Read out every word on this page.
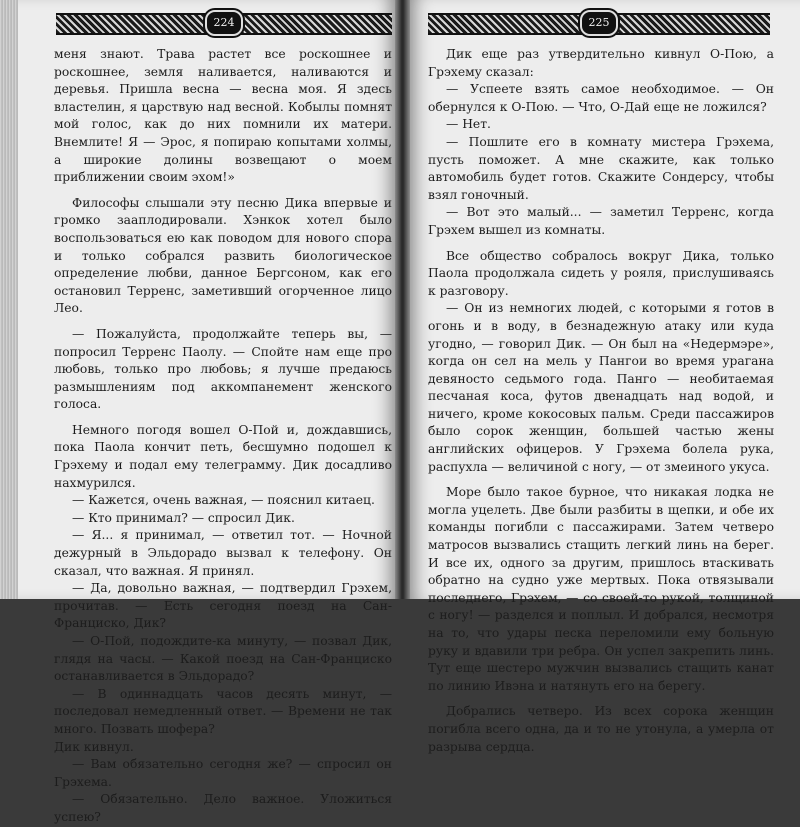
224

меня знают. Трава растет все роскошнее и роскошнее, земля наливается, наливаются и деревья. Пришла весна — весна моя. Я здесь властелин, я царствую над весной. Кобылы помнят мой голос, как до них помнили их матери. Внемлите! Я — Эрос, я попираю копытами холмы, а широкие долины возвещают о моем приближении своим эхом!»

Философы слышали эту песню Дика впервые и громко зааплодировали. Хэнкок хотел было воспользоваться ею как поводом для нового спора и только собрался развить биологическое определение любви, данное Бергсоном, как его остановил Терренс, заметивший огорченное лицо Лео.

— Пожалуйста, продолжайте теперь вы, — попросил Терренс Паолу. — Спойте нам еще про любовь, только про любовь; я лучше предаюсь размышлениям под аккомпанемент женского голоса.

Немного погодя вошел О-Пой и, дождавшись, пока Паола кончит петь, бесшумно подошел к Грэхему и подал ему телеграмму. Дик досадливо нахмурился.

— Кажется, очень важная, — пояснил китаец.

— Кто принимал? — спросил Дик.

— Я... я принимал, — ответил тот. — Ночной дежурный в Эльдорадо вызвал к телефону. Он сказал, что важная. Я принял.

— Да, довольно важная, — подтвердил Грэхем, прочитав. — Есть сегодня поезд на Сан-Франциско, Дик?

— О-Пой, подождите-ка минуту, — позвал Дик, глядя на часы. — Какой поезд на Сан-Франциско останавливается в Эльдорадо?

— В одиннадцать часов десять минут, — последовал немедленный ответ. — Времени не так много. Позвать шофера?

Дик кивнул.

— Вам обязательно сегодня же? — спросил он Грэхема.

— Обязательно. Дело важное. Уложиться успею?

225

Дик еще раз утвердительно кивнул О-Пою, а Грэхему сказал:

— Успеете взять самое необходимое. — Он обернулся к О-Пою. — Что, О-Дай еще не ложился?

— Нет.

— Пошлите его в комнату мистера Грэхема, пусть поможет. А мне скажите, как только автомобиль будет готов. Скажите Сондерсу, чтобы взял гоночный.

— Вот это малый... — заметил Терренс, когда Грэхем вышел из комнаты.

Все общество собралось вокруг Дика, только Паола продолжала сидеть у рояля, прислушиваясь к разговору.

— Он из немногих людей, с которыми я готов в огонь и в воду, в безнадежную атаку или куда угодно, — говорил Дик. — Он был на «Недермэре», когда он сел на мель у Пангои во время урагана девяносто седьмого года. Панго — необитаемая песчаная коса, футов двенадцать над водой, и ничего, кроме кокосовых пальм. Среди пассажиров было сорок женщин, большей частью жены английских офицеров. У Грэхема болела рука, распухла — величиной с ногу, — от змеиного укуса.

Море было такое бурное, что никакая лодка не могла уцелеть. Две были разбиты в щепки, и обе их команды погибли с пассажирами. Затем четверо матросов вызвались стащить легкий линь на берег. И все их, одного за другим, пришлось втаскивать обратно на судно уже мертвых. Пока отвязывали последнего, Грэхем, — со своей-то рукой, толщиной с ногу! — разделся и поплыл. И добрался, несмотря на то, что удары песка переломили ему больную руку и вдавили три ребра. Он успел закрепить линь. Тут еще шестеро мужчин вызвались стащить канат по линию Ивэна и натянуть его на берегу.

Добрались четверо. Из всех сорока женщин погибла всего одна, да и то не утонула, а умерла от разрыва сердца.
